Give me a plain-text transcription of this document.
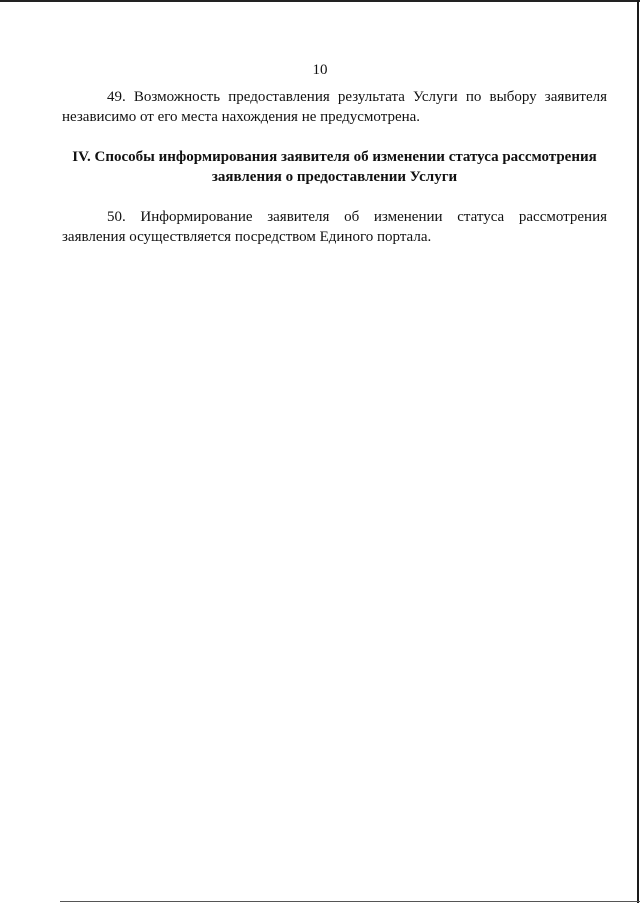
10

49. Возможность предоставления результата Услуги по выбору заявителя независимо от его места нахождения не предусмотрена.

IV. Способы информирования заявителя об изменении статуса рассмотрения
заявления о предоставлении Услуги

50. Информирование заявителя об изменении статуса рассмотрения заявления осуществляется посредством Единого портала.
